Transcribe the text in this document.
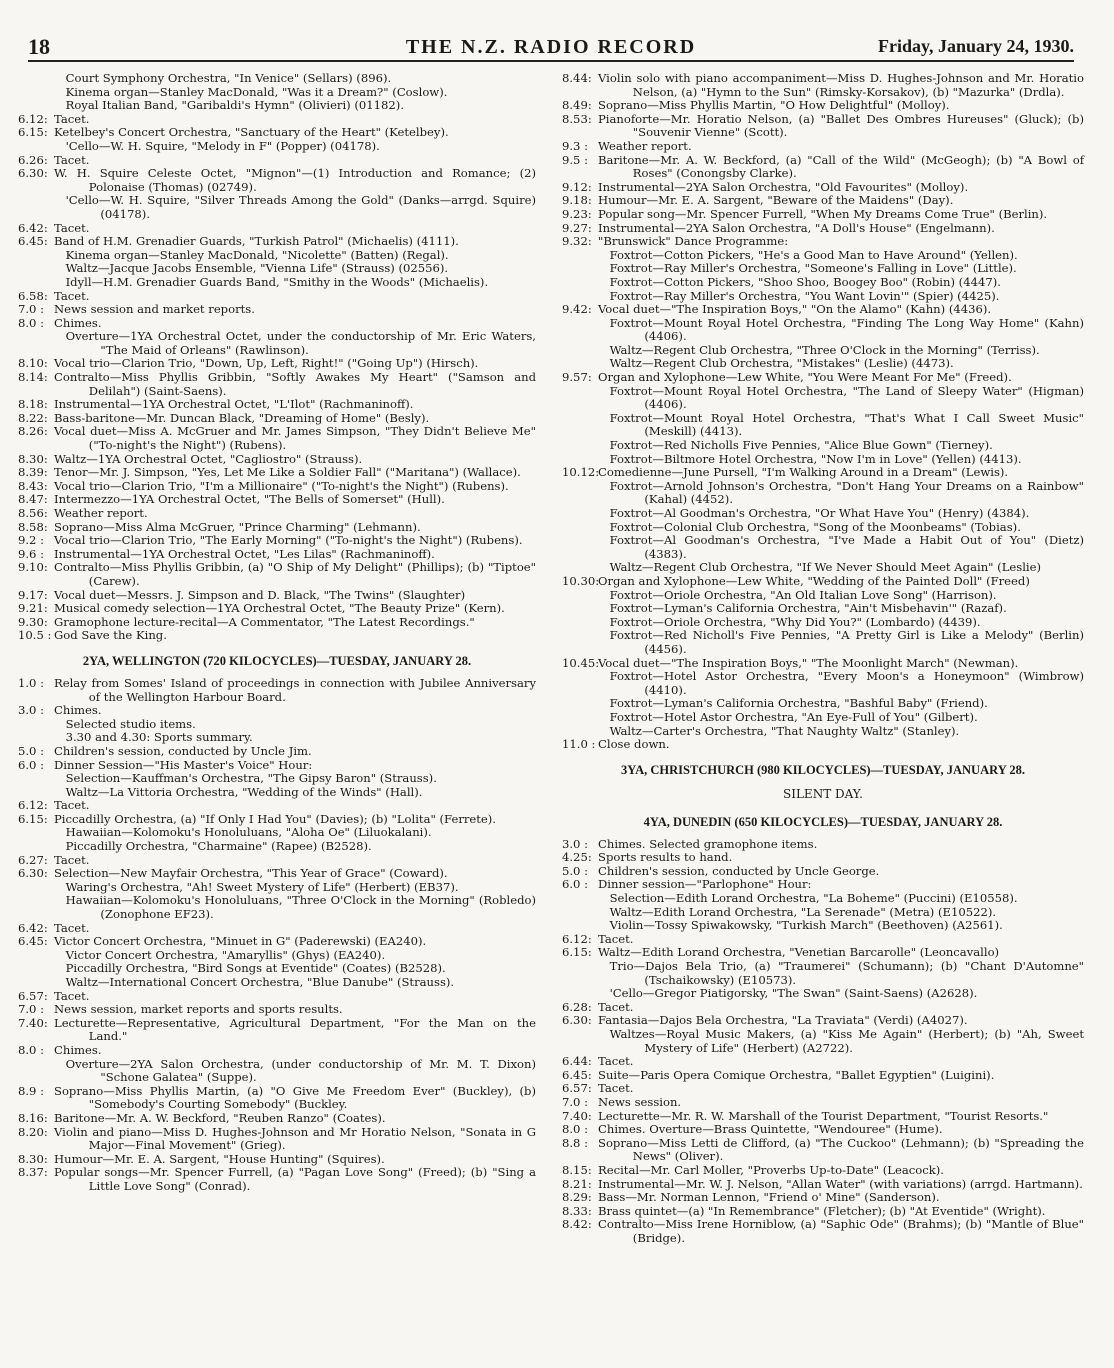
18	THE N.Z. RADIO RECORD	Friday, January 24, 1930.
Court Symphony Orchestra, "In Venice" (Sellars) (896).
Kinema organ—Stanley MacDonald, "Was it a Dream?" (Coslow).
Royal Italian Band, "Garibaldi's Hymn" (Olivieri) (01182).
6.12: Tacet.
6.15: Ketelbey's Concert Orchestra, "Sanctuary of the Heart" (Ketelbey).
'Cello—W. H. Squire, "Melody in F" (Popper) (04178).
6.26: Tacet.
6.30: W. H. Squire Celeste Octet, "Mignon"—(1) Introduction and Romance; (2) Polonaise (Thomas) (02749).
'Cello—W. H. Squire, "Silver Threads Among the Gold" (Danks—arrgd. Squire) (04178).
6.42: Tacet.
6.45: Band of H.M. Grenadier Guards, "Turkish Patrol" (Michaelis) (4111).
Kinema organ—Stanley MacDonald, "Nicolette" (Batten) (Regal).
Waltz—Jacque Jacobs Ensemble, "Vienna Life" (Strauss) (02556).
Idyll—H.M. Grenadier Guards Band, "Smithy in the Woods" (Michaelis).
6.58: Tacet.
7.0 : News session and market reports.
8.0 : Chimes.
Overture—1YA Orchestral Octet, under the conductorship of Mr. Eric Waters, "The Maid of Orleans" (Rawlinson).
8.10: Vocal trio—Clarion Trio, "Down, Up, Left, Right!" ("Going Up") (Hirsch).
8.14: Contralto—Miss Phyllis Gribbin, "Softly Awakes My Heart" ("Samson and Delilah") (Saint-Saens).
8.18: Instrumental—1YA Orchestral Octet, "L'Ilot" (Rachmaninoff).
8.22: Bass-baritone—Mr. Duncan Black, "Dreaming of Home" (Besly).
8.26: Vocal duet—Miss A. McGruer and Mr. James Simpson, "They Didn't Believe Me" ("To-night's the Night") (Rubens).
8.30: Waltz—1YA Orchestral Octet, "Cagliostro" (Strauss).
8.39: Tenor—Mr. J. Simpson, "Yes, Let Me Like a Soldier Fall" ("Maritana") (Wallace).
8.43: Vocal trio—Clarion Trio, "I'm a Millionaire" ("To-night's the Night") (Rubens).
8.47: Intermezzo—1YA Orchestral Octet, "The Bells of Somerset" (Hull).
8.56: Weather report.
8.58: Soprano—Miss Alma McGruer, "Prince Charming" (Lehmann).
9.2 : Vocal trio—Clarion Trio, "The Early Morning" ("To-night's the Night") (Rubens).
9.6 : Instrumental—1YA Orchestral Octet, "Les Lilas" (Rachmaninoff).
9.10: Contralto—Miss Phyllis Gribbin, (a) "O Ship of My Delight" (Phillips); (b) "Tiptoe" (Carew).
9.17: Vocal duet—Messrs. J. Simpson and D. Black, "The Twins" (Slaughter)
9.21: Musical comedy selection—1YA Orchestral Octet, "The Beauty Prize" (Kern).
9.30: Gramophone lecture-recital—A Commentator, "The Latest Recordings."
10.5 : God Save the King.

2YA, WELLINGTON (720 KILOCYCLES)—TUESDAY, JANUARY 28.

1.0 : Relay from Somes' Island of proceedings in connection with Jubilee Anniversary of the Wellington Harbour Board.
3.0 : Chimes.
Selected studio items.
3.30 and 4.30: Sports summary.
5.0 : Children's session, conducted by Uncle Jim.
6.0 : Dinner Session—"His Master's Voice" Hour:
Selection—Kauffman's Orchestra, "The Gipsy Baron" (Strauss).
Waltz—La Vittoria Orchestra, "Wedding of the Winds" (Hall).
6.12: Tacet.
6.15: Piccadilly Orchestra, (a) "If Only I Had You" (Davies); (b) "Lolita" (Ferrete).
Hawaiian—Kolomoku's Honoluluans, "Aloha Oe" (Liluokalani).
Piccadilly Orchestra, "Charmaine" (Rapee) (B2528).
6.27: Tacet.
6.30: Selection—New Mayfair Orchestra, "This Year of Grace" (Coward).
Waring's Orchestra, "Ah! Sweet Mystery of Life" (Herbert) (EB37).
Hawaiian—Kolomoku's Honoluluans, "Three O'Clock in the Morning" (Robledo) (Zonophone EF23).
6.42: Tacet.
6.45: Victor Concert Orchestra, "Minuet in G" (Paderewski) (EA240).
Victor Concert Orchestra, "Amaryllis" (Ghys) (EA240).
Piccadilly Orchestra, "Bird Songs at Eventide" (Coates) (B2528).
Waltz—International Concert Orchestra, "Blue Danube" (Strauss).
6.57: Tacet.
7.0 : News session, market reports and sports results.
7.40: Lecturette—Representative, Agricultural Department, "For the Man on the Land."
8.0 : Chimes.
Overture—2YA Salon Orchestra, (under conductorship of Mr. M. T. Dixon) "Schone Galatea" (Suppe).
8.9 : Soprano—Miss Phyllis Martin, (a) "O Give Me Freedom Ever" (Buckley), (b) "Somebody's Courting Somebody" (Buckley.
8.16: Baritone—Mr. A. W. Beckford, "Reuben Ranzo" (Coates).
8.20: Violin and piano—Miss D. Hughes-Johnson and Mr Horatio Nelson, "Sonata in G Major—Final Movement" (Grieg).
8.30: Humour—Mr. E. A. Sargent, "House Hunting" (Squires).
8.37: Popular songs—Mr. Spencer Furrell, (a) "Pagan Love Song" (Freed); (b) "Sing a Little Love Song" (Conrad).
8.44: Violin solo with piano accompaniment—Miss D. Hughes-Johnson and Mr. Horatio Nelson, (a) "Hymn to the Sun" (Rimsky-Korsakov), (b) "Mazurka" (Drdla).
8.49: Soprano—Miss Phyllis Martin, "O How Delightful" (Molloy).
8.53: Pianoforte—Mr. Horatio Nelson, (a) "Ballet Des Ombres Hureuses" (Gluck); (b) "Souvenir Vienne" (Scott).
9.3 : Weather report.
9.5 : Baritone—Mr. A. W. Beckford, (a) "Call of the Wild" (McGeogh); (b) "A Bowl of Roses" (Conongsby Clarke).
9.12: Instrumental—2YA Salon Orchestra, "Old Favourites" (Molloy).
9.18: Humour—Mr. E. A. Sargent, "Beware of the Maidens" (Day).
9.23: Popular song—Mr. Spencer Furrell, "When My Dreams Come True" (Berlin).
9.27: Instrumental—2YA Salon Orchestra, "A Doll's House" (Engelmann).
9.32: "Brunswick" Dance Programme:
Foxtrot—Cotton Pickers, "He's a Good Man to Have Around" (Yellen).
Foxtrot—Ray Miller's Orchestra, "Someone's Falling in Love" (Little).
Foxtrot—Cotton Pickers, "Shoo Shoo, Boogey Boo" (Robin) (4447).
Foxtrot—Ray Miller's Orchestra, "You Want Lovin'" (Spier) (4425).
9.42: Vocal duet—"The Inspiration Boys," "On the Alamo" (Kahn) (4436).
Foxtrot—Mount Royal Hotel Orchestra, "Finding The Long Way Home" (Kahn) (4406).
Waltz—Regent Club Orchestra, "Three O'Clock in the Morning" (Terriss).
Waltz—Regent Club Orchestra, "Mistakes" (Leslie) (4473).
9.57: Organ and Xylophone—Lew White, "You Were Meant For Me" (Freed).
Foxtrot—Mount Royal Hotel Orchestra, "The Land of Sleepy Water" (Higman) (4406).
Foxtrot—Mount Royal Hotel Orchestra, "That's What I Call Sweet Music" (Meskill) (4413).
Foxtrot—Red Nicholls Five Pennies, "Alice Blue Gown" (Tierney).
Foxtrot—Biltmore Hotel Orchestra, "Now I'm in Love" (Yellen) (4413).
10.12:
Comedienne—June Pursell, "I'm Walking Around in a Dream" (Lewis).
Foxtrot—Arnold Johnson's Orchestra, "Don't Hang Your Dreams on a Rainbow" (Kahal) (4452).
Foxtrot—Al Goodman's Orchestra, "Or What Have You" (Henry) (4384).
Foxtrot—Colonial Club Orchestra, "Song of the Moonbeams" (Tobias).
Foxtrot—Al Goodman's Orchestra, "I've Made a Habit Out of You" (Dietz) (4383).
Waltz—Regent Club Orchestra, "If We Never Should Meet Again" (Leslie)
10.30:
Organ and Xylophone—Lew White, "Wedding of the Painted Doll" (Freed)
Foxtrot—Oriole Orchestra, "An Old Italian Love Song" (Harrison).
Foxtrot—Lyman's California Orchestra, "Ain't Misbehavin'" (Razaf).
Foxtrot—Oriole Orchestra, "Why Did You?" (Lombardo) (4439).
Foxtrot—Red Nicholl's Five Pennies, "A Pretty Girl is Like a Melody" (Berlin) (4456).
10.45:
Vocal duet—"The Inspiration Boys," "The Moonlight March" (Newman).
Foxtrot—Hotel Astor Orchestra, "Every Moon's a Honeymoon" (Wimbrow) (4410).
Foxtrot—Lyman's California Orchestra, "Bashful Baby" (Friend).
Foxtrot—Hotel Astor Orchestra, "An Eye-Full of You" (Gilbert).
Waltz—Carter's Orchestra, "That Naughty Waltz" (Stanley).
11.0 : Close down.

3YA, CHRISTCHURCH (980 KILOCYCLES)—TUESDAY, JANUARY 28.

SILENT DAY.

4YA, DUNEDIN (650 KILOCYCLES)—TUESDAY, JANUARY 28.

3.0 : Chimes. Selected gramophone items.
4.25: Sports results to hand.
5.0 : Children's session, conducted by Uncle George.
6.0 : Dinner session—"Parlophone" Hour:
Selection—Edith Lorand Orchestra, "La Boheme" (Puccini) (E10558).
Waltz—Edith Lorand Orchestra, "La Serenade" (Metra) (E10522).
Violin—Tossy Spiwakowsky, "Turkish March" (Beethoven) (A2561).
6.12: Tacet.
6.15: Waltz—Edith Lorand Orchestra, "Venetian Barcarolle" (Leoncavallo)
Trio—Dajos Bela Trio, (a) "Traumerei" (Schumann); (b) "Chant D'Automne" (Tschaikowsky) (E10573).
'Cello—Gregor Piatigorsky, "The Swan" (Saint-Saens) (A2628).
6.28: Tacet.
6.30: Fantasia—Dajos Bela Orchestra, "La Traviata" (Verdi) (A4027).
Waltzes—Royal Music Makers, (a) "Kiss Me Again" (Herbert); (b) "Ah, Sweet Mystery of Life" (Herbert) (A2722).
6.44: Tacet.
6.45: Suite—Paris Opera Comique Orchestra, "Ballet Egyptien" (Luigini).
6.57: Tacet.
7.0 : News session.
7.40: Lecturette—Mr. R. W. Marshall of the Tourist Department, "Tourist Resorts."
8.0 : Chimes. Overture—Brass Quintette, "Wendouree" (Hume).
8.8 : Soprano—Miss Letti de Clifford, (a) "The Cuckoo" (Lehmann); (b) "Spreading the News" (Oliver).
8.15: Recital—Mr. Carl Moller, "Proverbs Up-to-Date" (Leacock).
8.21: Instrumental—Mr. W. J. Nelson, "Allan Water" (with variations) (arrgd. Hartmann).
8.29: Bass—Mr. Norman Lennon, "Friend o' Mine" (Sanderson).
8.33: Brass quintet—(a) "In Remembrance" (Fletcher); (b) "At Eventide" (Wright).
8.42: Contralto—Miss Irene Horniblow, (a) "Saphic Ode" (Brahms); (b) "Mantle of Blue" (Bridge).
